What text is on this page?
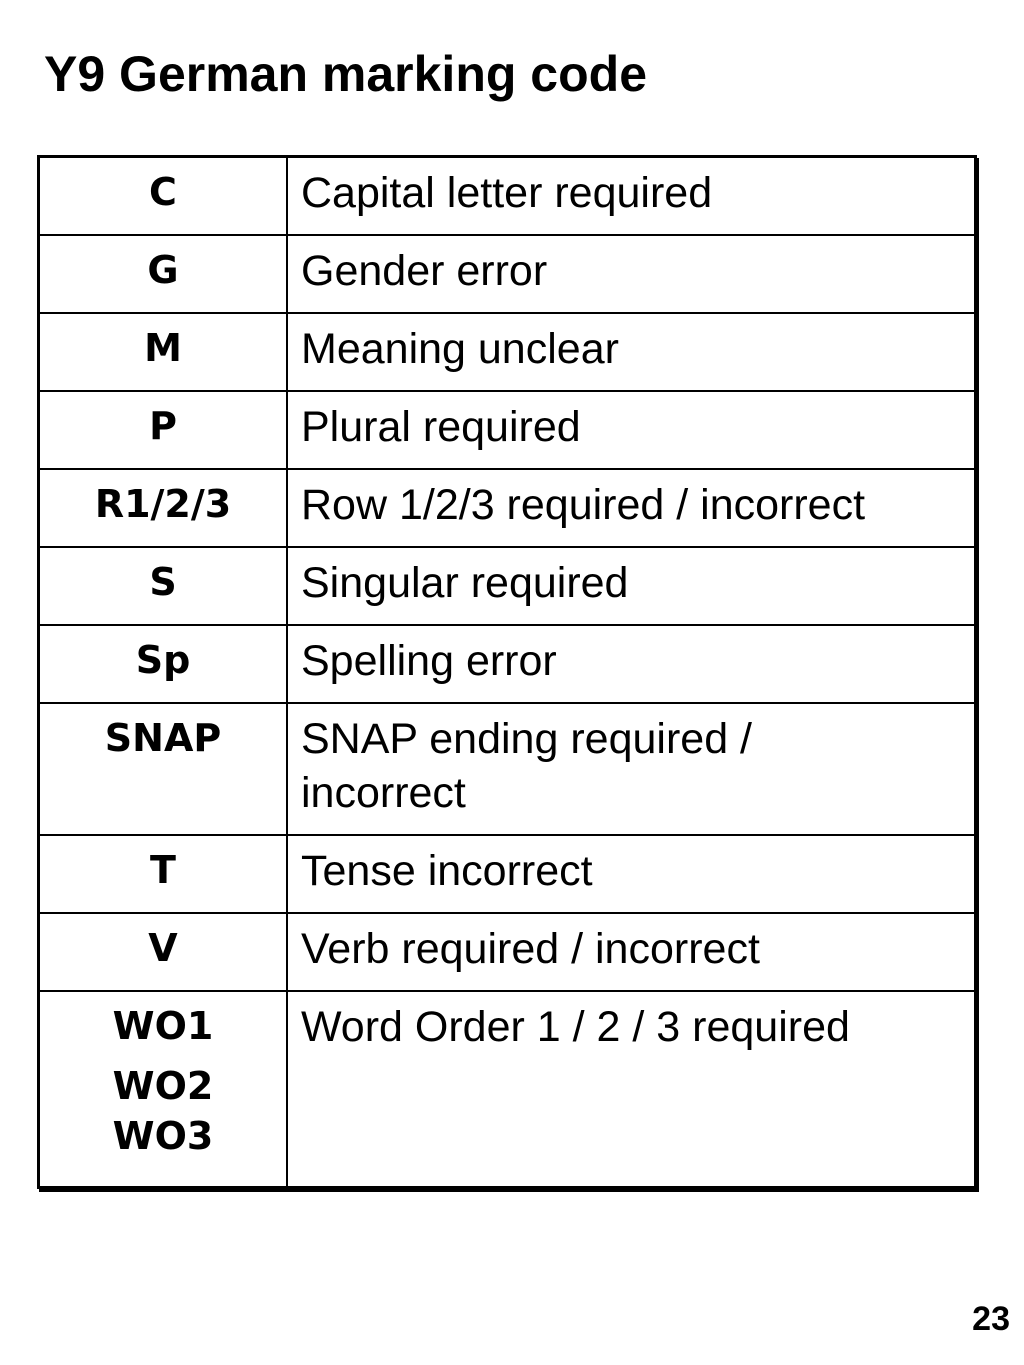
Y9 German marking code
C	Capital letter required

G	Gender error

M	Meaning unclear

P	Plural required

R1/2/3	Row 1/2/3 required / incorrect

S	Singular required

Sp	Spelling error

SNAP	SNAP ending required /
incorrect

T	Tense incorrect

V	Verb required / incorrect

WO1
WO2
WO3	Word Order 1 / 2 / 3 required
23
